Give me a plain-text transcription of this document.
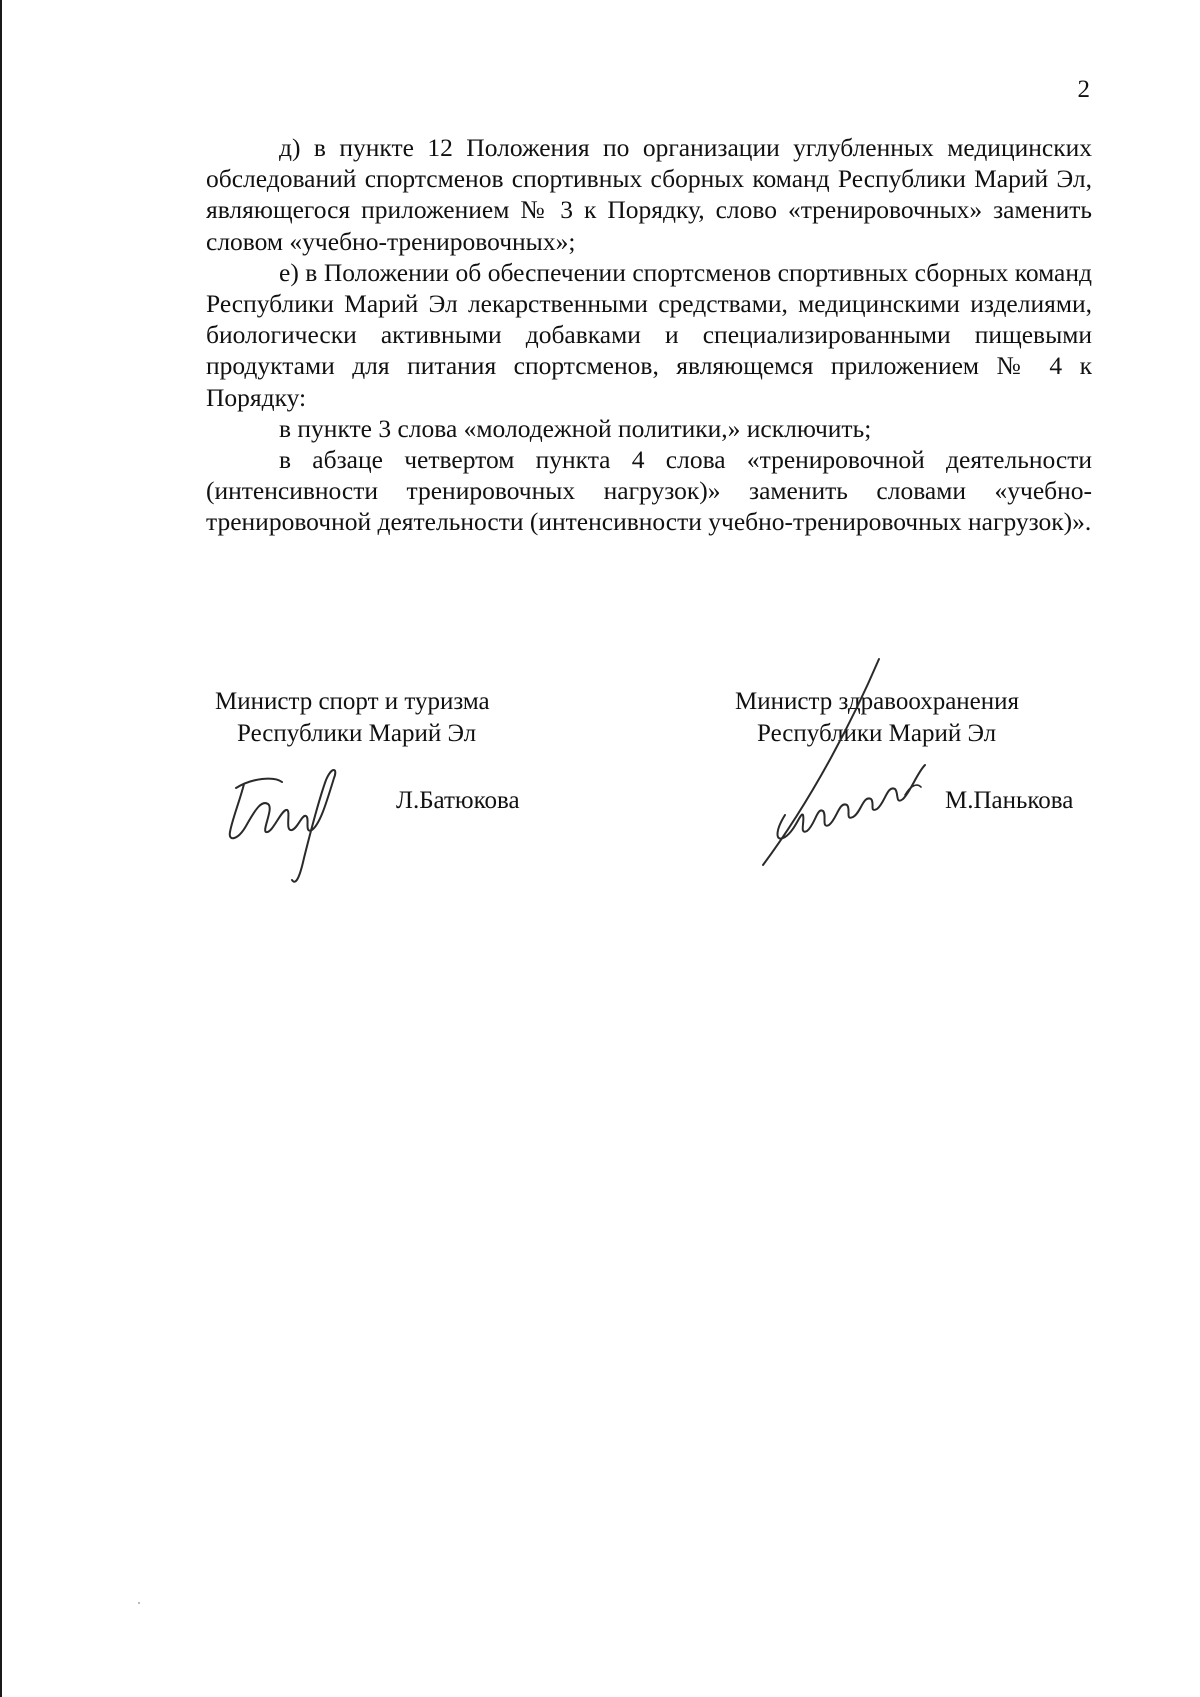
2

д) в пункте 12 Положения по организации углубленных медицинских обследований спортсменов спортивных сборных команд Республики Марий Эл, являющегося приложением № 3 к Порядку, слово «тренировочных» заменить словом «учебно-тренировочных»;

е) в Положении об обеспечении спортсменов спортивных сборных команд Республики Марий Эл лекарственными средствами, медицинскими изделиями, биологически активными добавками и специализированными пищевыми продуктами для питания спортсменов, являющемся приложением № 4 к Порядку:

в пункте 3 слова «молодежной политики,» исключить;

в абзаце четвертом пункта 4 слова «тренировочной деятельности (интенсивности тренировочных нагрузок)» заменить словами «учебно-тренировочной деятельности (интенсивности учебно-тренировочных нагрузок)».

Министр спорт и туризма
Республики Марий Эл
Л.Батюкова
Министр здравоохранения
Республики Марий Эл
М.Панькова
